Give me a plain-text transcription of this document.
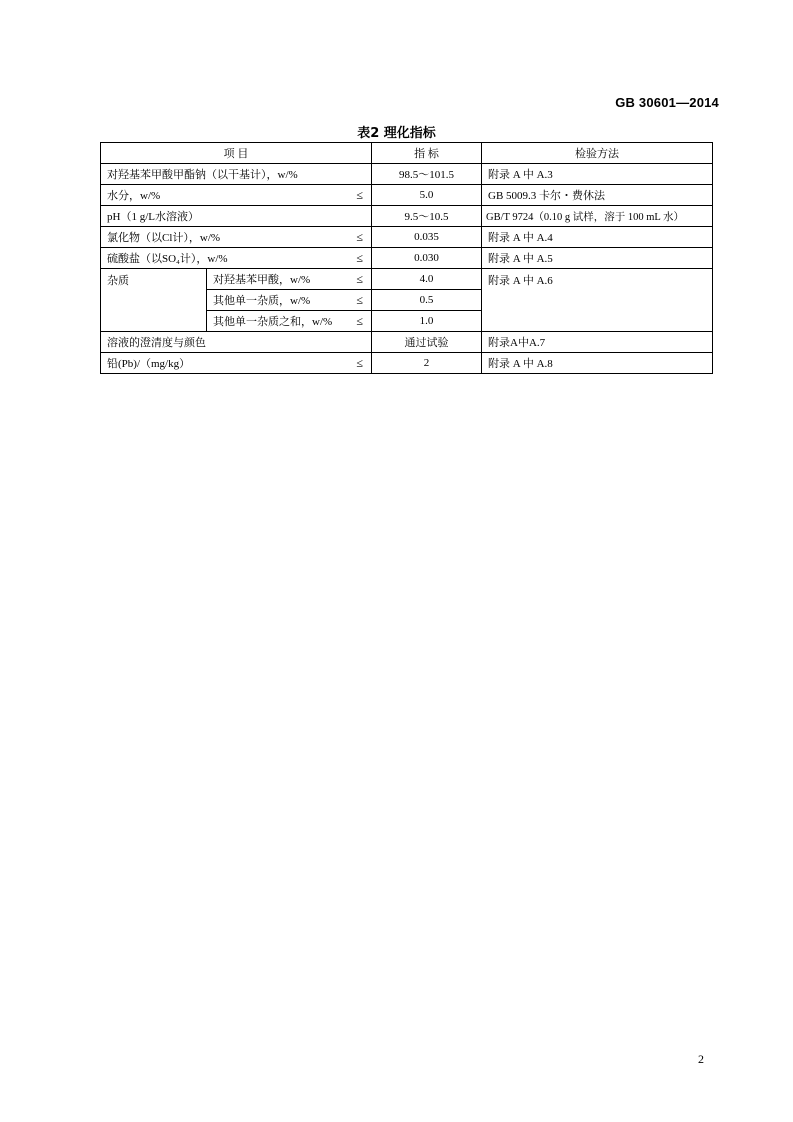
GB 30601—2014
表2 理化指标
项 目		指 标	检验方法
对羟基苯甲酸甲酯钠（以干基计），w/%		98.5～101.5	附录 A 中 A.3

水分，w/% ≤		5.0	GB 5009.3 卡尔・费休法
pH（1 g/L水溶液）		9.5～10.5	GB/T 9724（0.10 g 试样，溶于 100 mL 水）

氯化物（以Cl计），w/% ≤		0.035	附录 A 中 A.4

硫酸盐（以SO₄计），w/% ≤		0.030	附录 A 中 A.5
杂质	对羟基苯甲酸，w/% ≤	4.0	附录 A 中 A.6

	其他单一杂质，w/% ≤	0.5	

	其他单一杂质之和，w/% ≤	1.0	
溶液的澄清度与颜色		通过试验	附录A中A.7

铅(Pb)/（mg/kg） ≤		2	附录 A 中 A.8
2
